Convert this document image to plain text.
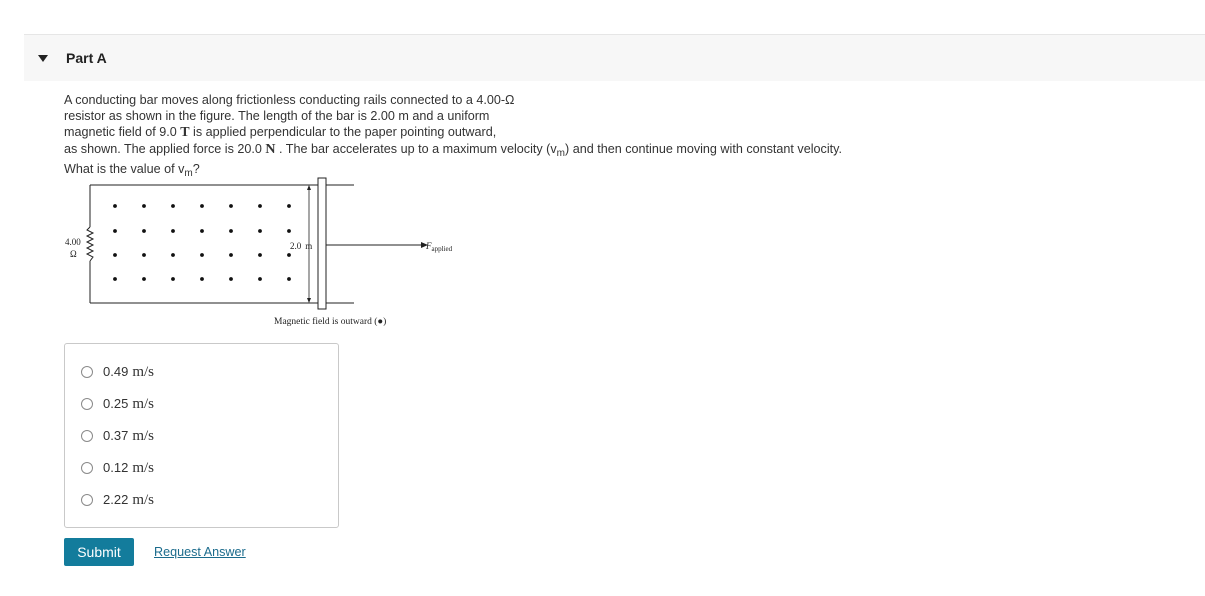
Part A
A conducting bar moves along frictionless conducting rails connected to a 4.00-Ω
resistor as shown in the figure. The length of the bar is 2.00 m and a uniform
magnetic field of 9.0 T is applied perpendicular to the paper pointing outward,
as shown. The applied force is 20.0 N . The bar accelerates up to a maximum velocity $(v_m)$ and then continue moving with constant velocity.
What is the value of $v_m$?
4.00
Ω
2.0 m	$F_{applied}$
Magnetic field is outward (●)
0.49 m/s
0.25 m/s
0.37 m/s
0.12 m/s
2.22 m/s
Submit	Request Answer
